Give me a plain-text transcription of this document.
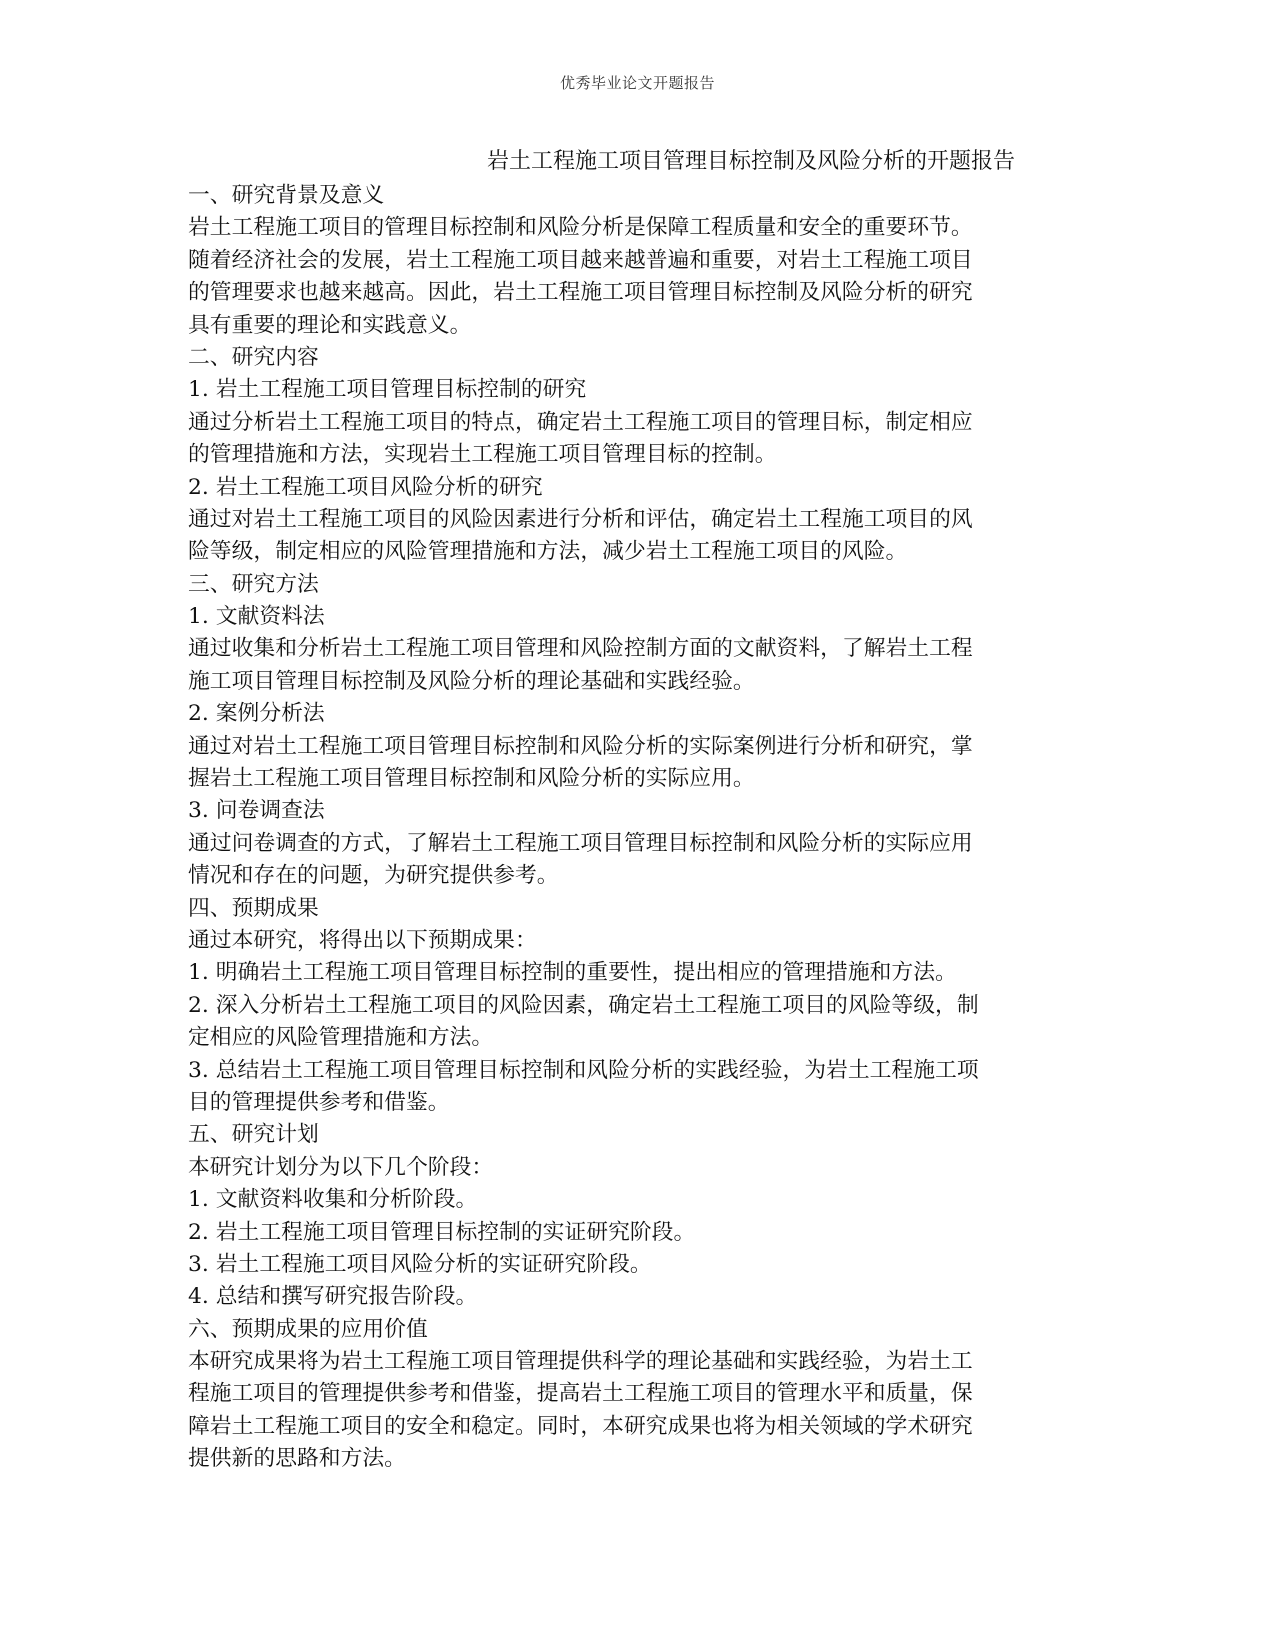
优秀毕业论文开题报告
岩土工程施工项目管理目标控制及风险分析的开题报告
一、研究背景及意义
岩土工程施工项目的管理目标控制和风险分析是保障工程质量和安全的重要环节。
随着经济社会的发展，岩土工程施工项目越来越普遍和重要，对岩土工程施工项目
的管理要求也越来越高。因此，岩土工程施工项目管理目标控制及风险分析的研究
具有重要的理论和实践意义。
二、研究内容
1. 岩土工程施工项目管理目标控制的研究
通过分析岩土工程施工项目的特点，确定岩土工程施工项目的管理目标，制定相应
的管理措施和方法，实现岩土工程施工项目管理目标的控制。
2. 岩土工程施工项目风险分析的研究
通过对岩土工程施工项目的风险因素进行分析和评估，确定岩土工程施工项目的风
险等级，制定相应的风险管理措施和方法，减少岩土工程施工项目的风险。
三、研究方法
1. 文献资料法
通过收集和分析岩土工程施工项目管理和风险控制方面的文献资料，了解岩土工程
施工项目管理目标控制及风险分析的理论基础和实践经验。
2. 案例分析法
通过对岩土工程施工项目管理目标控制和风险分析的实际案例进行分析和研究，掌
握岩土工程施工项目管理目标控制和风险分析的实际应用。
3. 问卷调查法
通过问卷调查的方式，了解岩土工程施工项目管理目标控制和风险分析的实际应用
情况和存在的问题，为研究提供参考。
四、预期成果
通过本研究，将得出以下预期成果：
1. 明确岩土工程施工项目管理目标控制的重要性，提出相应的管理措施和方法。
2. 深入分析岩土工程施工项目的风险因素，确定岩土工程施工项目的风险等级，制
定相应的风险管理措施和方法。
3. 总结岩土工程施工项目管理目标控制和风险分析的实践经验，为岩土工程施工项
目的管理提供参考和借鉴。
五、研究计划
本研究计划分为以下几个阶段：
1. 文献资料收集和分析阶段。
2. 岩土工程施工项目管理目标控制的实证研究阶段。
3. 岩土工程施工项目风险分析的实证研究阶段。
4. 总结和撰写研究报告阶段。
六、预期成果的应用价值
本研究成果将为岩土工程施工项目管理提供科学的理论基础和实践经验，为岩土工
程施工项目的管理提供参考和借鉴，提高岩土工程施工项目的管理水平和质量，保
障岩土工程施工项目的安全和稳定。同时，本研究成果也将为相关领域的学术研究
提供新的思路和方法。
